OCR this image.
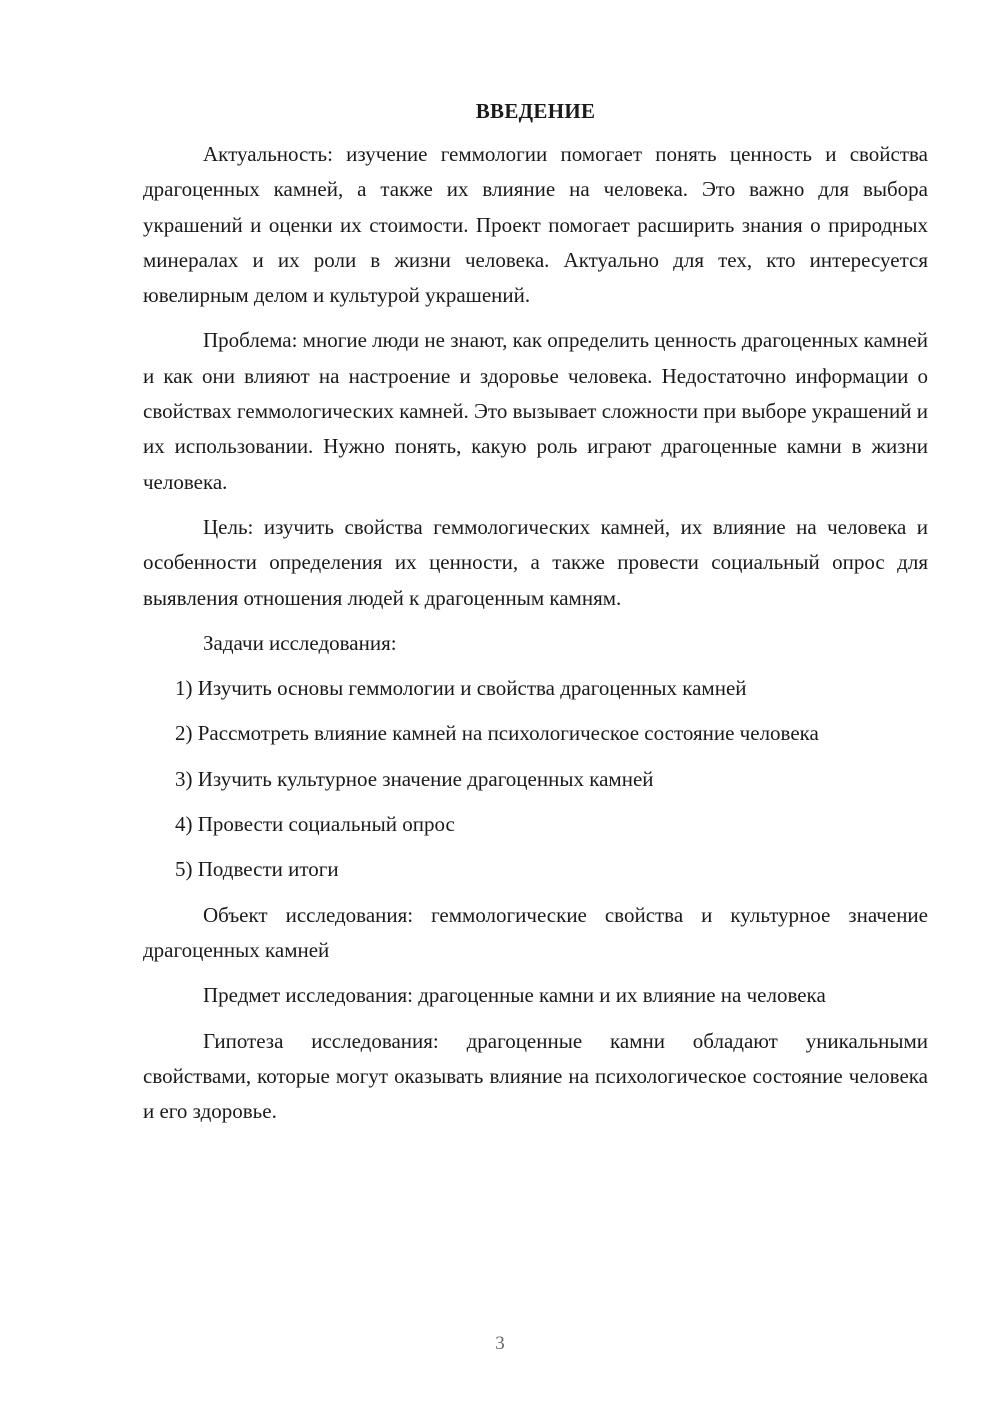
ВВЕДЕНИЕ

Актуальность: изучение геммологии помогает понять ценность и свойства драгоценных камней, а также их влияние на человека. Это важно для выбора украшений и оценки их стоимости. Проект помогает расширить знания о природных минералах и их роли в жизни человека. Актуально для тех, кто интересуется ювелирным делом и культурой украшений.

Проблема: многие люди не знают, как определить ценность драгоценных камней и как они влияют на настроение и здоровье человека. Недостаточно информации о свойствах геммологических камней. Это вызывает сложности при выборе украшений и их использовании. Нужно понять, какую роль играют драгоценные камни в жизни человека.

Цель: изучить свойства геммологических камней, их влияние на человека и особенности определения их ценности, а также провести социальный опрос для выявления отношения людей к драгоценным камням.

Задачи исследования:

1) Изучить основы геммологии и свойства драгоценных камней

2) Рассмотреть влияние камней на психологическое состояние человека

3) Изучить культурное значение драгоценных камней

4) Провести социальный опрос

5) Подвести итоги

Объект исследования: геммологические свойства и культурное значение драгоценных камней

Предмет исследования: драгоценные камни и их влияние на человека

Гипотеза исследования: драгоценные камни обладают уникальными свойствами, которые могут оказывать влияние на психологическое состояние человека и его здоровье.

3
